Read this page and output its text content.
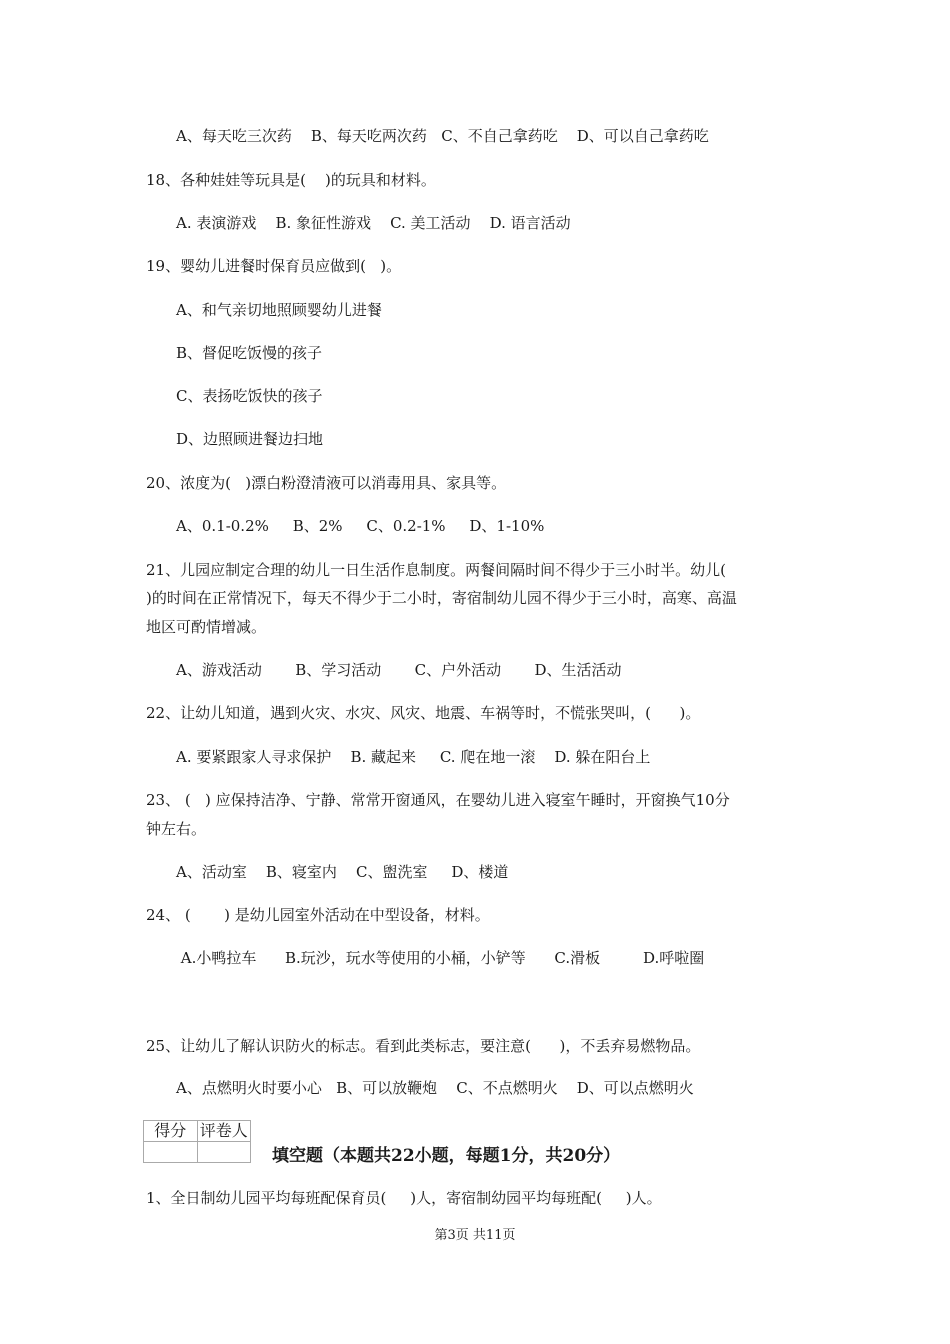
A、每天吃三次药    B、每天吃两次药   C、不自己拿药吃    D、可以自己拿药吃
18、各种娃娃等玩具是(    )的玩具和材料。
A. 表演游戏    B. 象征性游戏    C. 美工活动    D. 语言活动
19、婴幼儿进餐时保育员应做到(   )。
A、和气亲切地照顾婴幼儿进餐
B、督促吃饭慢的孩子
C、表扬吃饭快的孩子
D、边照顾进餐边扫地
20、浓度为(   )漂白粉澄清液可以消毒用具、家具等。
A、0.1-0.2%     B、2%     C、0.2-1%     D、1-10%
21、儿园应制定合理的幼儿一日生活作息制度。两餐间隔时间不得少于三小时半。幼儿(
)的时间在正常情况下，每天不得少于二小时，寄宿制幼儿园不得少于三小时，高寒、高温
地区可酌情增减。
A、游戏活动       B、学习活动       C、户外活动       D、生活活动
22、让幼儿知道，遇到火灾、水灾、风灾、地震、车祸等时，不慌张哭叫，(      )。
A. 要紧跟家人寻求保护    B. 藏起来     C. 爬在地一滚    D. 躲在阳台上
23、 (   ) 应保持洁净、宁静、常常开窗通风，在婴幼儿进入寝室午睡时，开窗换气10分
钟左右。
A、活动室    B、寝室内    C、盥洗室     D、楼道
24、 (       ) 是幼儿园室外活动在中型设备，材料。
A.小鸭拉车      B.玩沙，玩水等使用的小桶，小铲等      C.滑板         D.呼啦圈
25、让幼儿了解认识防火的标志。看到此类标志，要注意(      )，不丢弃易燃物品。
A、点燃明火时要小心   B、可以放鞭炮    C、不点燃明火    D、可以点燃明火
得分	评卷人

填空题（本题共22小题，每题1分，共20分）
1、全日制幼儿园平均每班配保育员(     )人，寄宿制幼园平均每班配(     )人。
第3页 共11页
